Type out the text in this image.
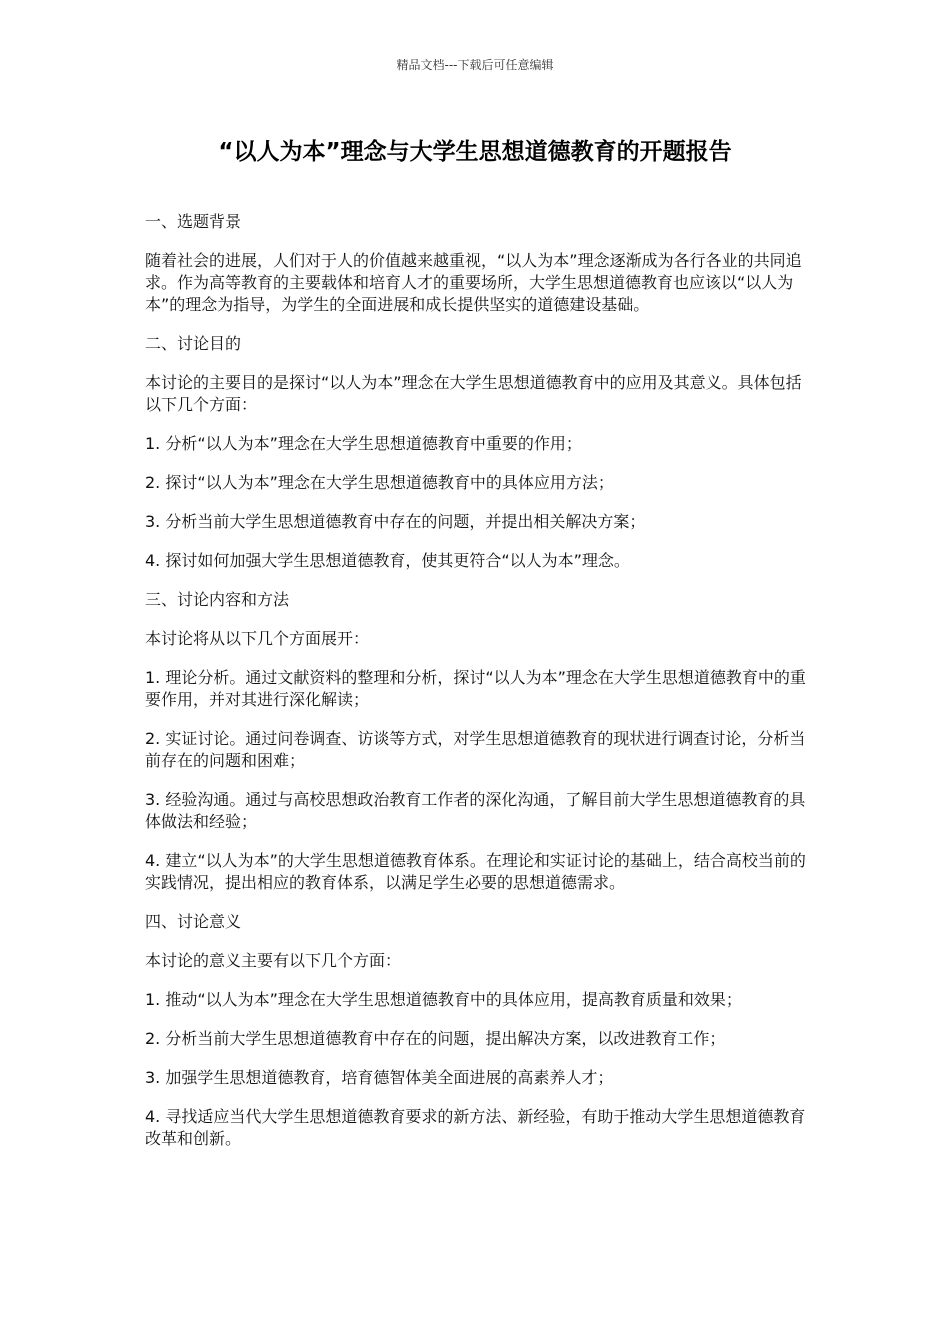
精品文档---下载后可任意编辑
“以人为本”理念与大学生思想道德教育的开题报告

一、选题背景

随着社会的进展，人们对于人的价值越来越重视，“以人为本”理念逐渐成为各行各业的共同追求。作为高等教育的主要载体和培育人才的重要场所，大学生思想道德教育也应该以“以人为本”的理念为指导，为学生的全面进展和成长提供坚实的道德建设基础。

二、讨论目的

本讨论的主要目的是探讨“以人为本”理念在大学生思想道德教育中的应用及其意义。具体包括以下几个方面：

1. 分析“以人为本”理念在大学生思想道德教育中重要的作用；

2. 探讨“以人为本”理念在大学生思想道德教育中的具体应用方法；

3. 分析当前大学生思想道德教育中存在的问题，并提出相关解决方案；

4. 探讨如何加强大学生思想道德教育，使其更符合“以人为本”理念。

三、讨论内容和方法

本讨论将从以下几个方面展开：

1. 理论分析。通过文献资料的整理和分析，探讨“以人为本”理念在大学生思想道德教育中的重要作用，并对其进行深化解读；

2. 实证讨论。通过问卷调查、访谈等方式，对学生思想道德教育的现状进行调查讨论，分析当前存在的问题和困难；

3. 经验沟通。通过与高校思想政治教育工作者的深化沟通，了解目前大学生思想道德教育的具体做法和经验；

4. 建立“以人为本”的大学生思想道德教育体系。在理论和实证讨论的基础上，结合高校当前的实践情况，提出相应的教育体系，以满足学生必要的思想道德需求。

四、讨论意义

本讨论的意义主要有以下几个方面：

1. 推动“以人为本”理念在大学生思想道德教育中的具体应用，提高教育质量和效果；

2. 分析当前大学生思想道德教育中存在的问题，提出解决方案，以改进教育工作；

3. 加强学生思想道德教育，培育德智体美全面进展的高素养人才；

4. 寻找适应当代大学生思想道德教育要求的新方法、新经验，有助于推动大学生思想道德教育改革和创新。
